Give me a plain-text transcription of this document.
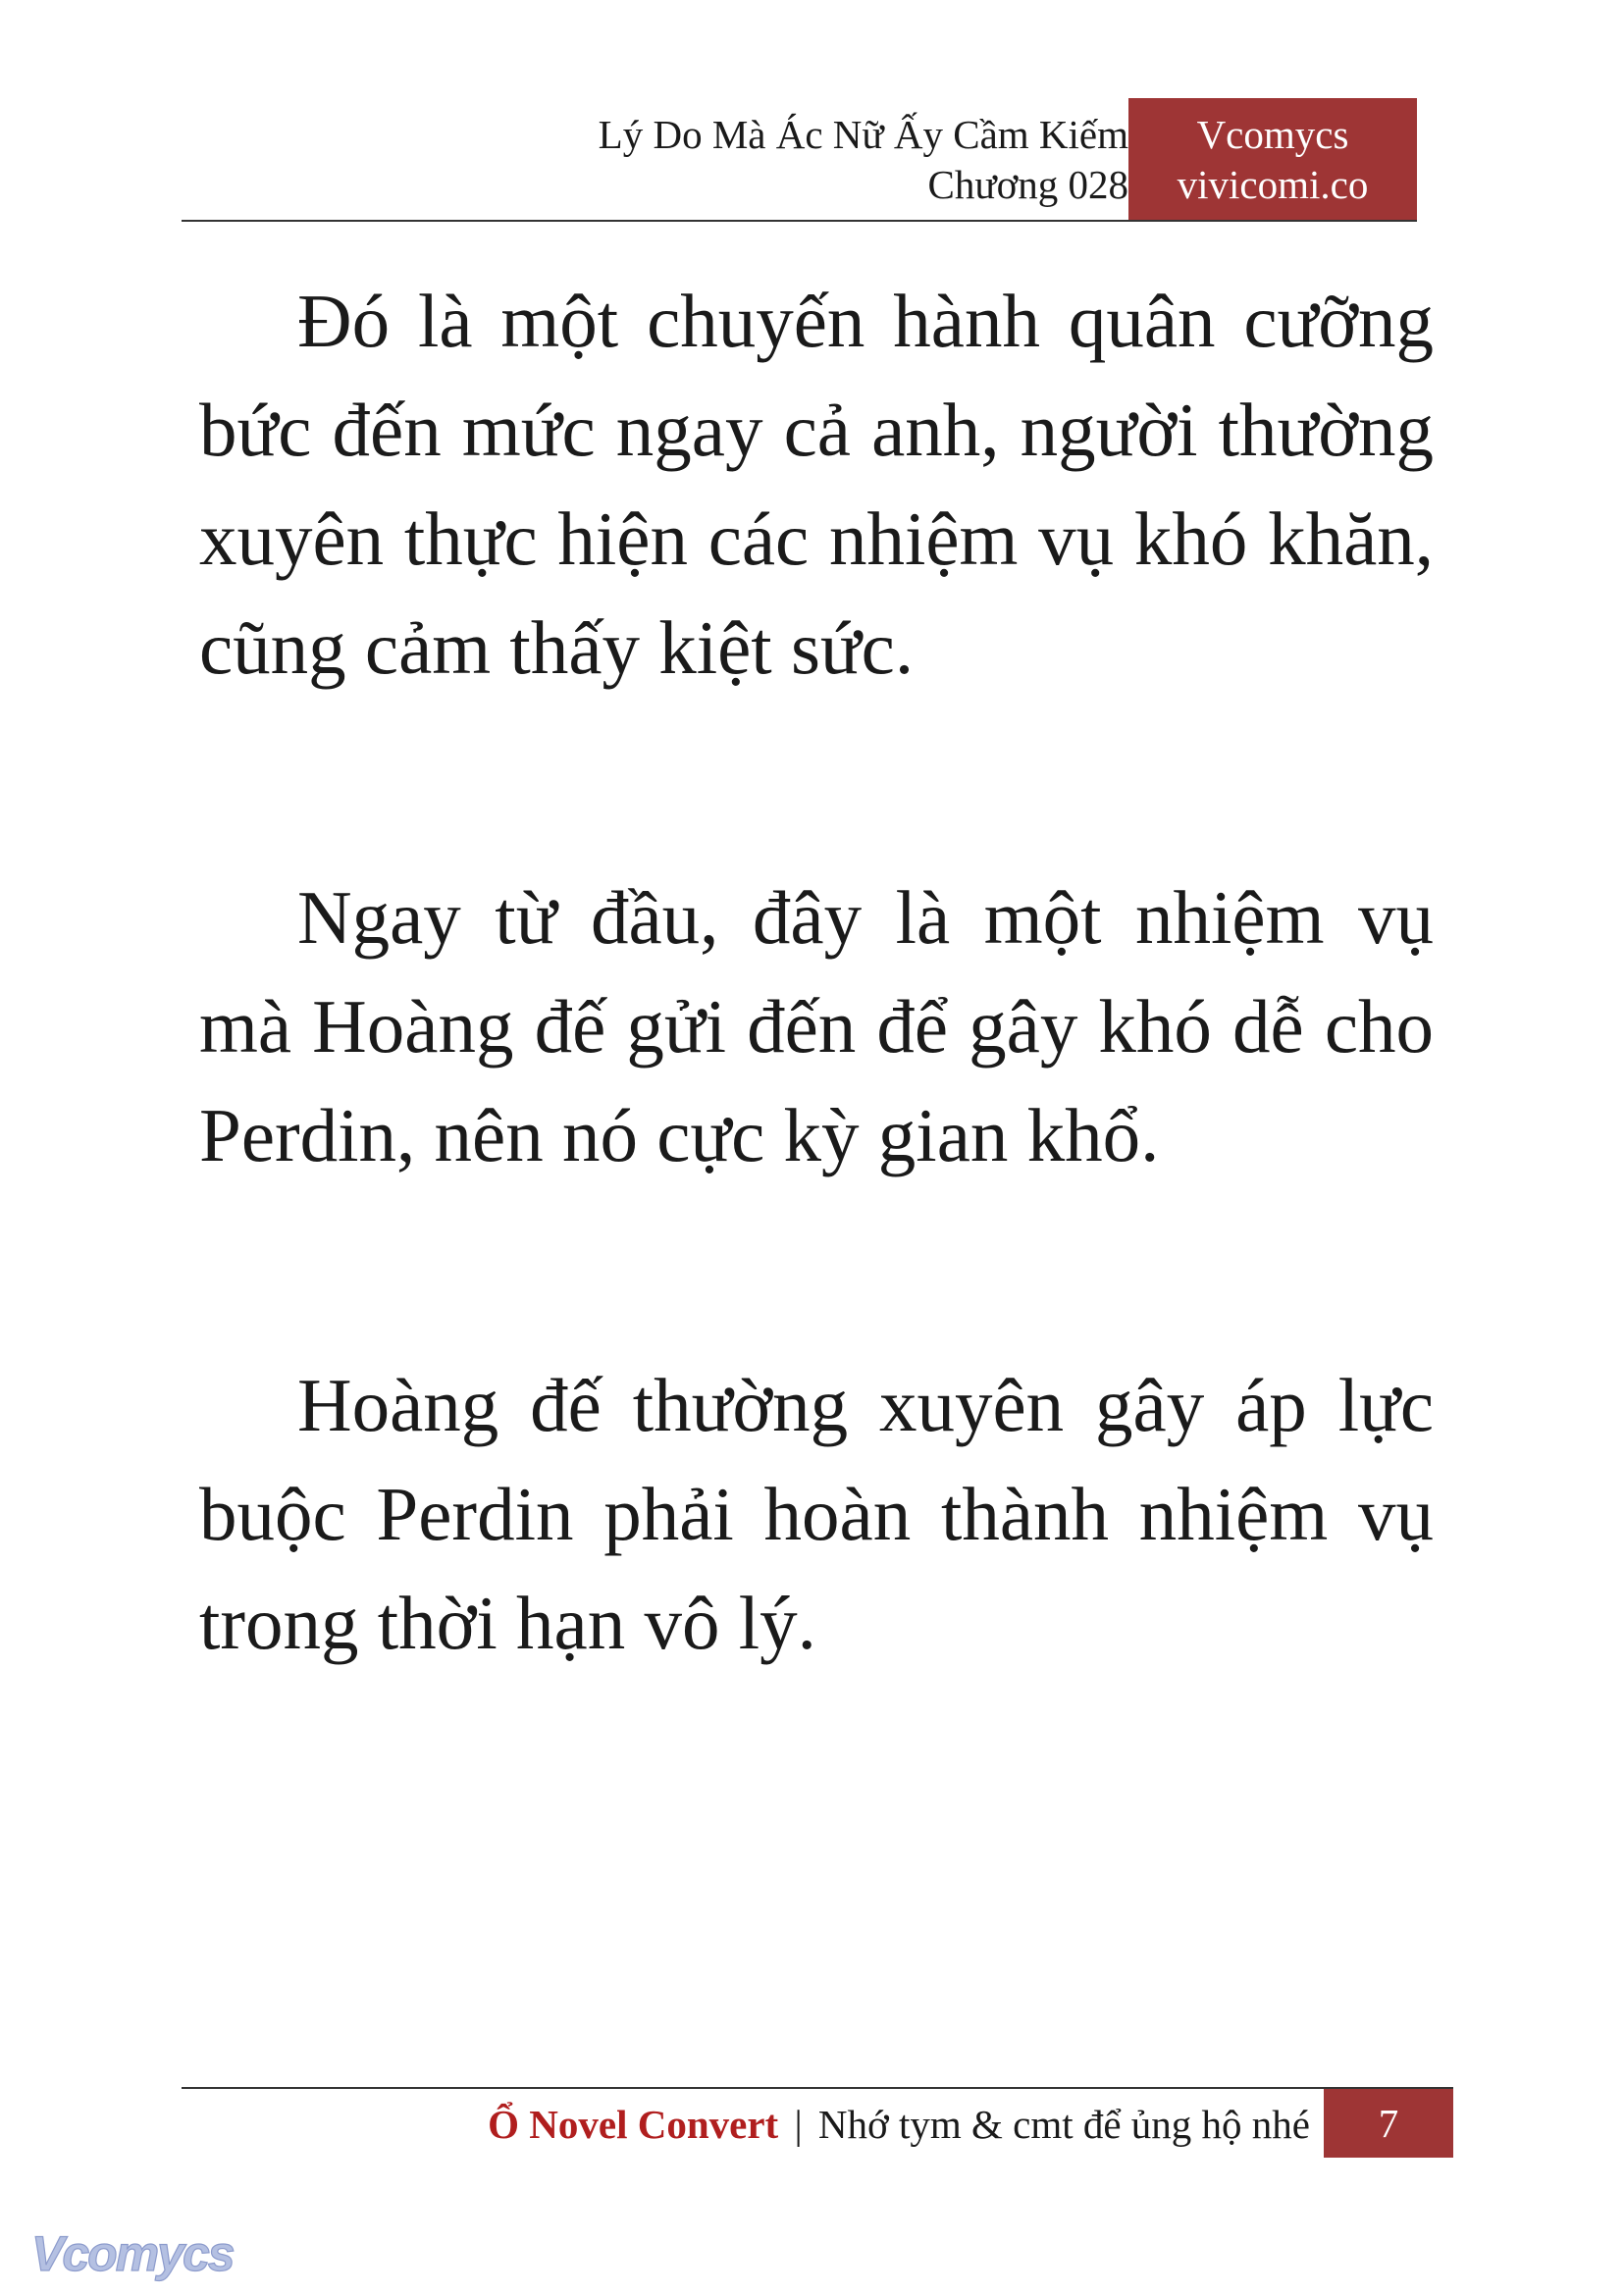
Lý Do Mà Ác Nữ Ấy Cầm Kiếm
Chương 028
Vcomycs
vivicomi.co

Đó là một chuyến hành quân cưỡng bức đến mức ngay cả anh, người thường xuyên thực hiện các nhiệm vụ khó khăn, cũng cảm thấy kiệt sức.

Ngay từ đầu, đây là một nhiệm vụ mà Hoàng đế gửi đến để gây khó dễ cho Perdin, nên nó cực kỳ gian khổ.

Hoàng đế thường xuyên gây áp lực buộc Perdin phải hoàn thành nhiệm vụ trong thời hạn vô lý.

Ổ Novel Convert | Nhớ tym & cmt để ủng hộ nhé	7
Vcomycs
